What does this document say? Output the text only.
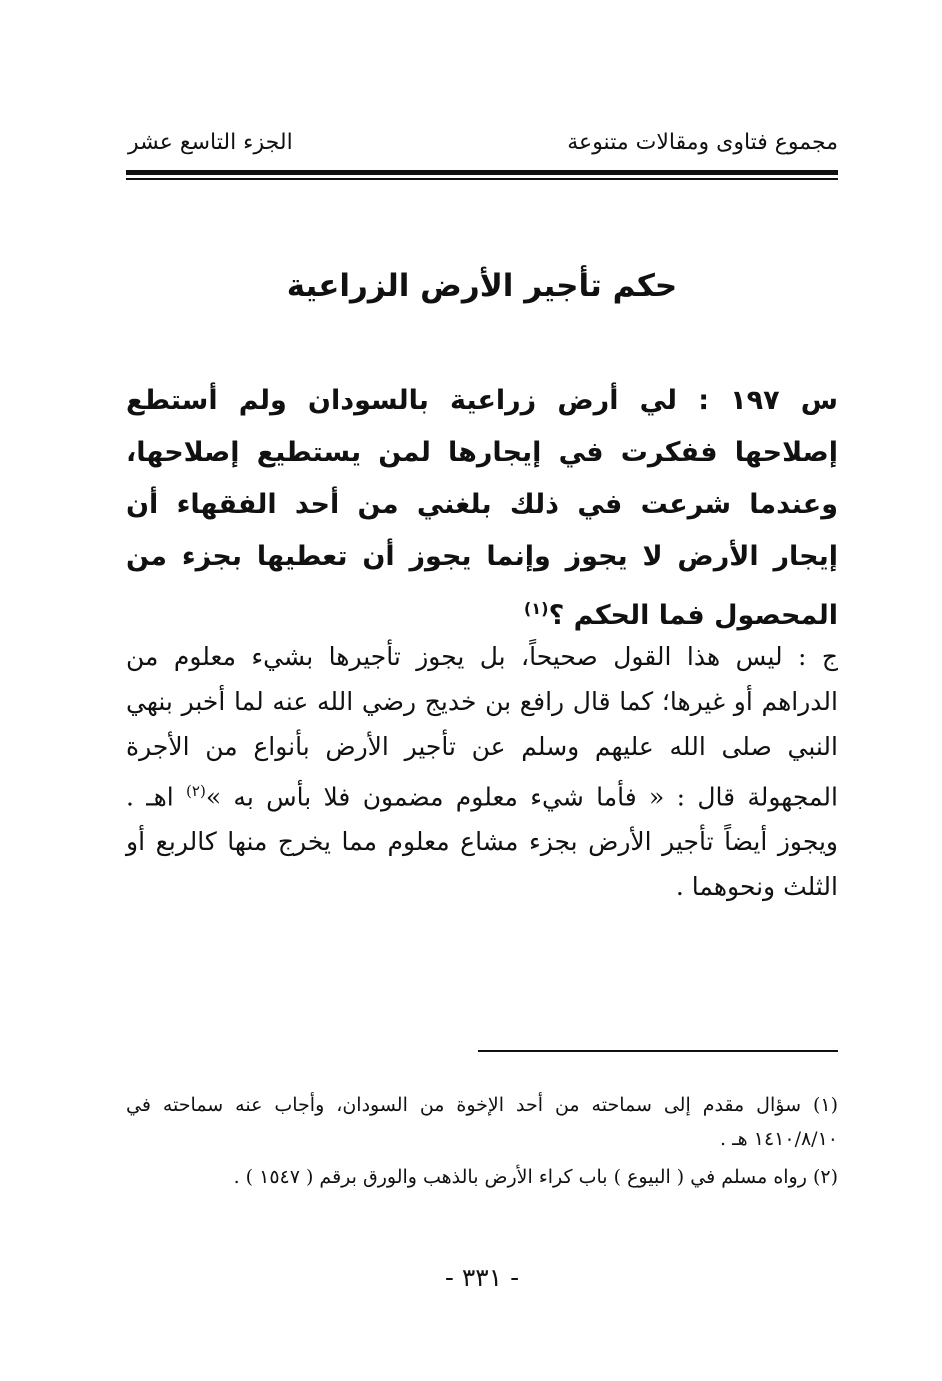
مجموع فتاوى ومقالات متنوعة
الجزء التاسع عشر
حكم تأجير الأرض الزراعية
س ١٩٧ : لي أرض زراعية بالسودان ولم أستطع إصلاحها ففكرت في إيجارها لمن يستطيع إصلاحها، وعندما شرعت في ذلك بلغني من أحد الفقهاء أن إيجار الأرض لا يجوز وإنما يجوز أن تعطيها بجزء من المحصول فما الحكم ؟$^{(١)}$
ج : ليس هذا القول صحيحاً، بل يجوز تأجيرها بشيء معلوم من الدراهم أو غيرها؛ كما قال رافع بن خديج رضي الله عنه لما أخبر بنهي النبي صلى الله عليهم وسلم عن تأجير الأرض بأنواع من الأجرة المجهولة قال : « فأما شيء معلوم مضمون فلا بأس به »$^{(٢)}$ اهـ . ويجوز أيضاً تأجير الأرض بجزء مشاع معلوم مما يخرج منها كالربع أو الثلث ونحوهما .

(١) سؤال مقدم إلى سماحته من أحد الإخوة من السودان، وأجاب عنه سماحته في ١٤١٠/٨/١٠ هـ .

(٢) رواه مسلم في ( البيوع ) باب كراء الأرض بالذهب والورق برقم ( ١٥٤٧ ) .

- ٣٣١ -
